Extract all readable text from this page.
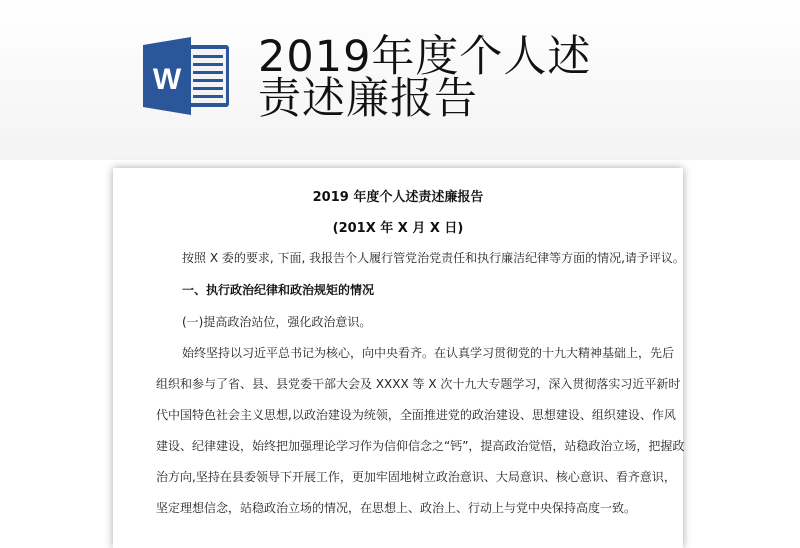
W 2019年度个人述
责述廉报告
2019 年度个人述责述廉报告
(201X 年 X 月 X 日)
按照 X 委的要求, 下面, 我报告个人履行管党治党责任和执行廉洁纪律等方面的情况,请予评议。
一、执行政治纪律和政治规矩的情况
(一)提高政治站位，强化政治意识。
始终坚持以习近平总书记为核心，向中央看齐。在认真学习贯彻党的十九大精神基础上，先后
组织和参与了省、县、县党委干部大会及 XXXX 等 X 次十九大专题学习，深入贯彻落实习近平新时
代中国特色社会主义思想,以政治建设为统领，全面推进党的政治建设、思想建设、组织建设、作风
建设、纪律建设，始终把加强理论学习作为信仰信念之“钙”，提高政治觉悟，站稳政治立场，把握政
治方向,坚持在县委领导下开展工作，更加牢固地树立政治意识、大局意识、核心意识、看齐意识，
坚定理想信念，站稳政治立场的情况，在思想上、政治上、行动上与党中央保持高度一致。
